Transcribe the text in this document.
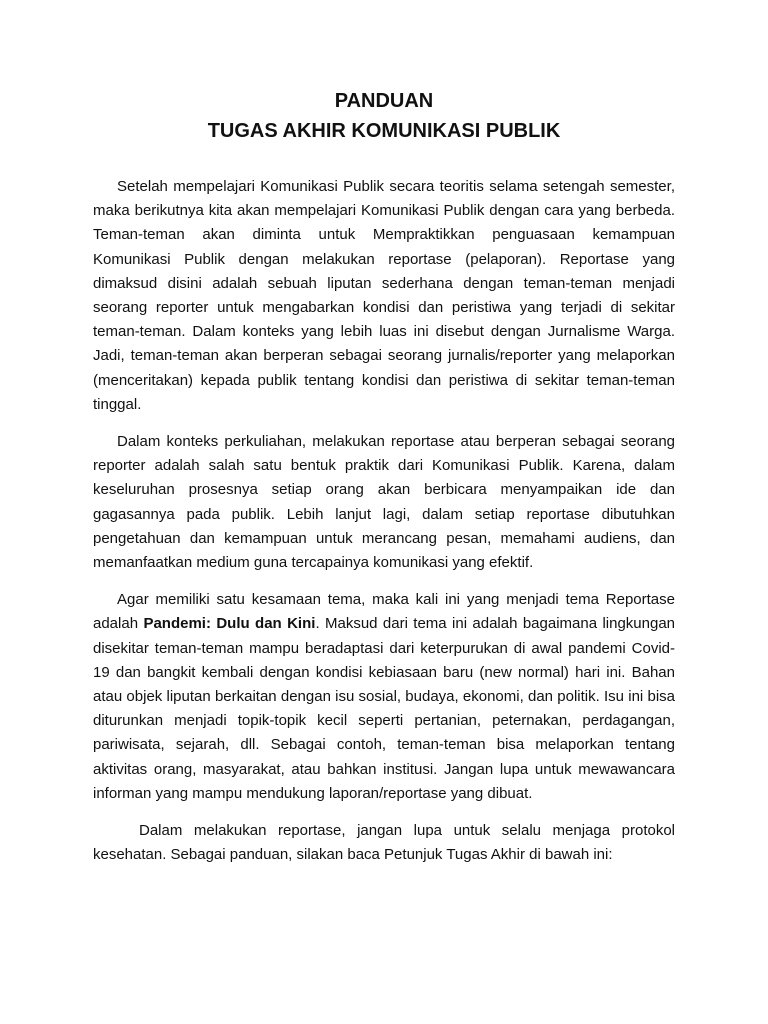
PANDUAN
TUGAS AKHIR KOMUNIKASI PUBLIK

Setelah mempelajari Komunikasi Publik secara teoritis selama setengah semester, maka berikutnya kita akan mempelajari Komunikasi Publik dengan cara yang berbeda. Teman-teman akan diminta untuk Mempraktikkan penguasaan kemampuan Komunikasi Publik dengan melakukan reportase (pelaporan). Reportase yang dimaksud disini adalah sebuah liputan sederhana dengan teman-teman menjadi seorang reporter untuk mengabarkan kondisi dan peristiwa yang terjadi di sekitar teman-teman. Dalam konteks yang lebih luas ini disebut dengan Jurnalisme Warga. Jadi, teman-teman akan berperan sebagai seorang jurnalis/reporter yang melaporkan (menceritakan) kepada publik tentang kondisi dan peristiwa di sekitar teman-teman tinggal.

Dalam konteks perkuliahan, melakukan reportase atau berperan sebagai seorang reporter adalah salah satu bentuk praktik dari Komunikasi Publik. Karena, dalam keseluruhan prosesnya setiap orang akan berbicara menyampaikan ide dan gagasannya pada publik. Lebih lanjut lagi, dalam setiap reportase dibutuhkan pengetahuan dan kemampuan untuk merancang pesan, memahami audiens, dan memanfaatkan medium guna tercapainya komunikasi yang efektif.

Agar memiliki satu kesamaan tema, maka kali ini yang menjadi tema Reportase adalah Pandemi: Dulu dan Kini. Maksud dari tema ini adalah bagaimana lingkungan disekitar teman-teman mampu beradaptasi dari keterpurukan di awal pandemi Covid-19 dan bangkit kembali dengan kondisi kebiasaan baru (new normal) hari ini. Bahan atau objek liputan berkaitan dengan isu sosial, budaya, ekonomi, dan politik. Isu ini bisa diturunkan menjadi topik-topik kecil seperti pertanian, peternakan, perdagangan, pariwisata, sejarah, dll. Sebagai contoh, teman-teman bisa melaporkan tentang aktivitas orang, masyarakat, atau bahkan institusi. Jangan lupa untuk mewawancara informan yang mampu mendukung laporan/reportase yang dibuat.

Dalam melakukan reportase, jangan lupa untuk selalu menjaga protokol kesehatan. Sebagai panduan, silakan baca Petunjuk Tugas Akhir di bawah ini:
